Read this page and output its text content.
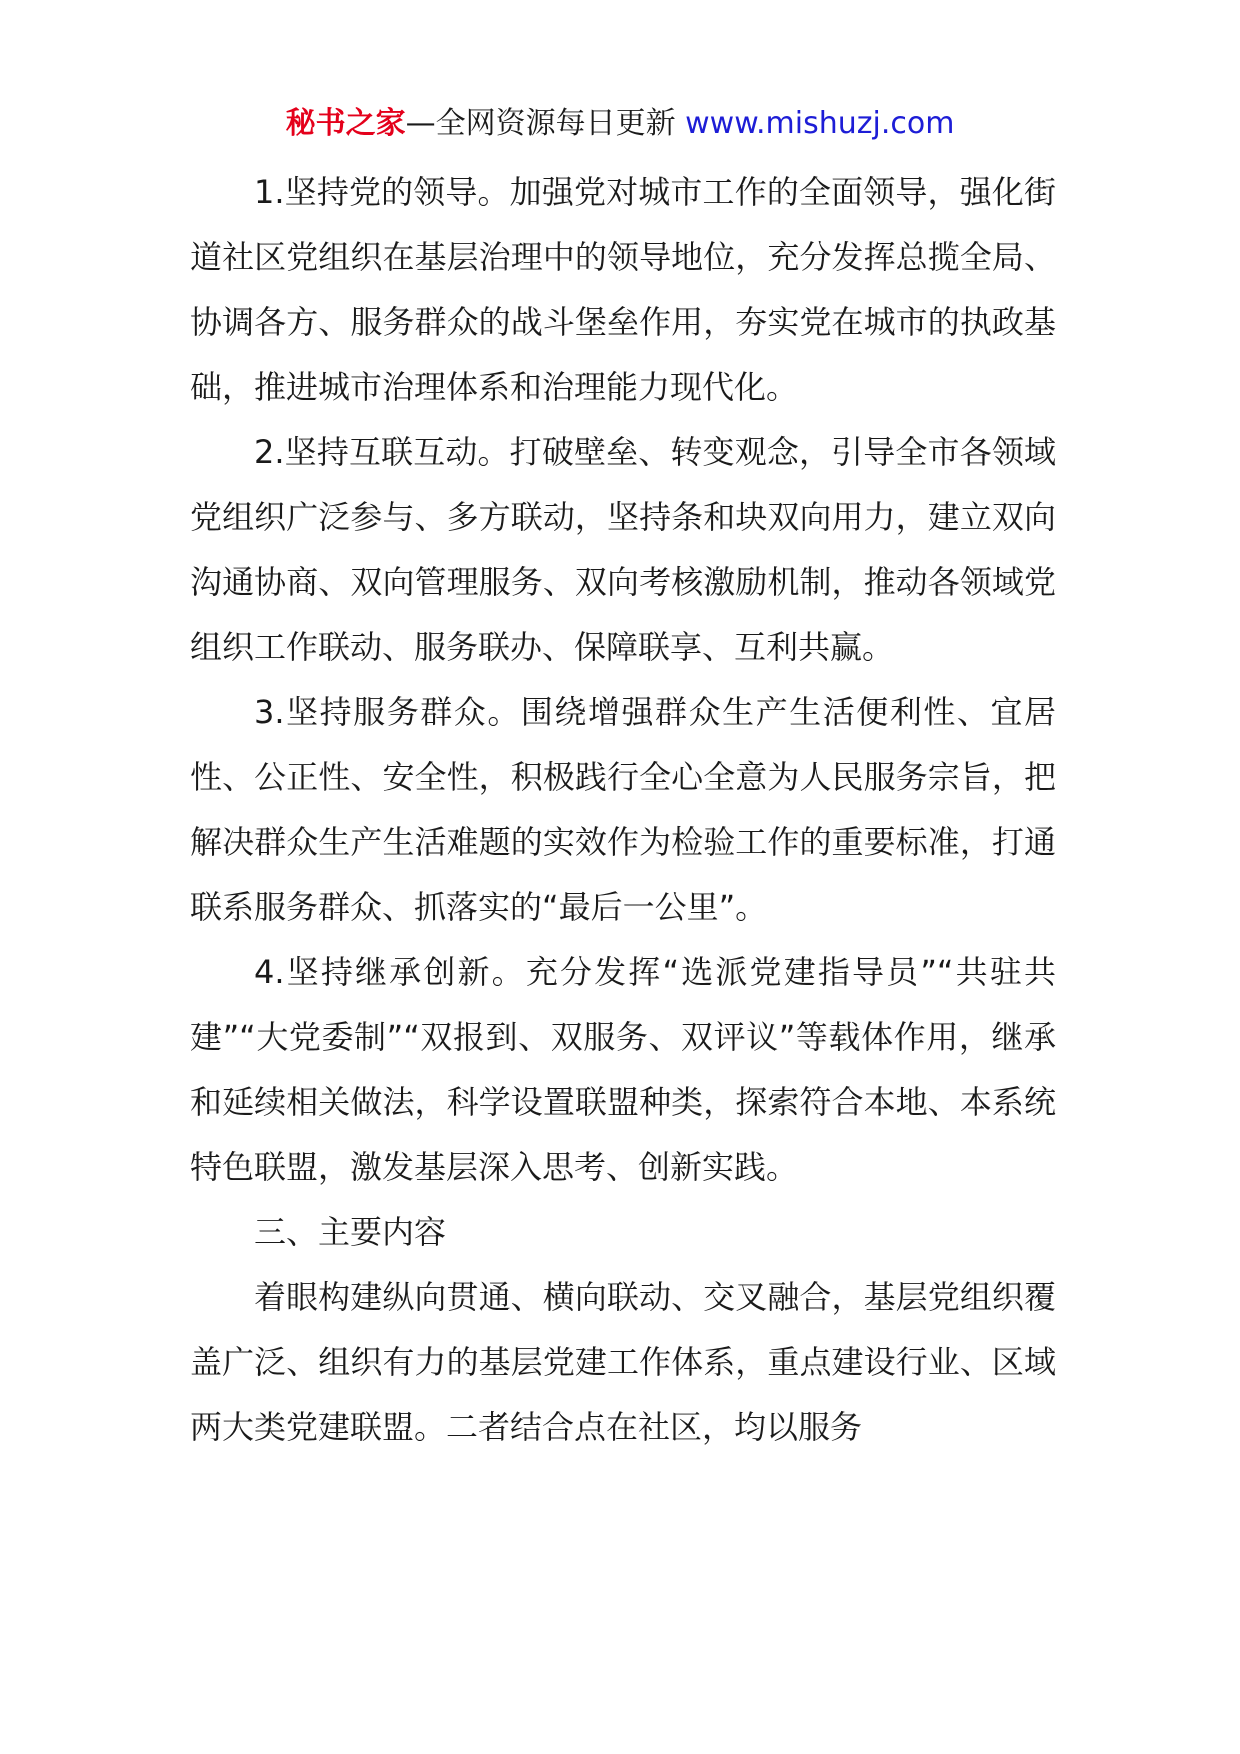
秘书之家—全网资源每日更新 www.mishuzj.com

1.坚持党的领导。加强党对城市工作的全面领导，强化街道社区党组织在基层治理中的领导地位，充分发挥总揽全局、协调各方、服务群众的战斗堡垒作用，夯实党在城市的执政基础，推进城市治理体系和治理能力现代化。

2.坚持互联互动。打破壁垒、转变观念，引导全市各领域党组织广泛参与、多方联动，坚持条和块双向用力，建立双向沟通协商、双向管理服务、双向考核激励机制，推动各领域党组织工作联动、服务联办、保障联享、互利共赢。

3.坚持服务群众。围绕增强群众生产生活便利性、宜居性、公正性、安全性，积极践行全心全意为人民服务宗旨，把解决群众生产生活难题的实效作为检验工作的重要标准，打通联系服务群众、抓落实的“最后一公里”。

4.坚持继承创新。充分发挥“选派党建指导员”“共驻共建”“大党委制”“双报到、双服务、双评议”等载体作用，继承和延续相关做法，科学设置联盟种类，探索符合本地、本系统特色联盟，激发基层深入思考、创新实践。

三、主要内容

着眼构建纵向贯通、横向联动、交叉融合，基层党组织覆盖广泛、组织有力的基层党建工作体系，重点建设行业、区域两大类党建联盟。二者结合点在社区，均以服务
